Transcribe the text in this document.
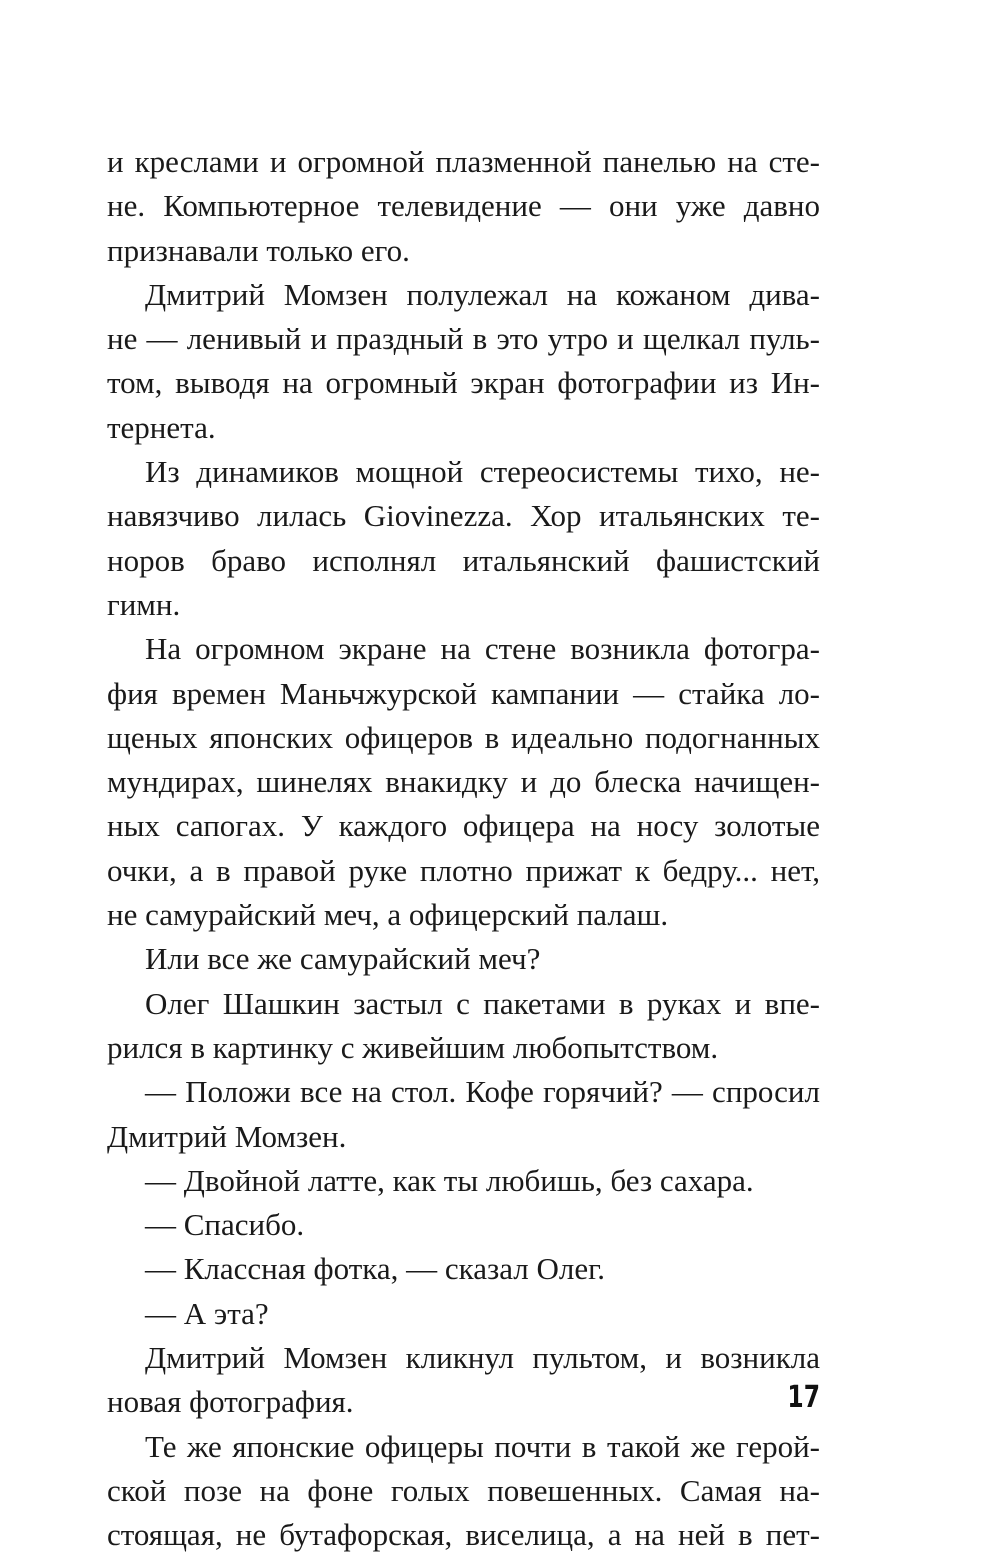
и креслами и огромной плазменной панелью на сте-
не. Компьютерное телевидение — они уже давно
признавали только его.
Дмитрий Момзен полулежал на кожаном дива-
не — ленивый и праздный в это утро и щелкал пуль-
том, выводя на огромный экран фотографии из Ин-
тернета.
Из динамиков мощной стереосистемы тихо, не-
навязчиво лилась Giovinezza. Хор итальянских те-
норов браво исполнял итальянский фашистский
гимн.
На огромном экране на стене возникла фотогра-
фия времен Маньчжурской кампании — стайка ло-
щеных японских офицеров в идеально подогнанных
мундирах, шинелях внакидку и до блеска начищен-
ных сапогах. У каждого офицера на носу золотые
очки, а в правой руке плотно прижат к бедру... нет,
не самурайский меч, а офицерский палаш.
Или все же самурайский меч?
Олег Шашкин застыл с пакетами в руках и впе-
рился в картинку с живейшим любопытством.
— Положи все на стол. Кофе горячий? — спросил
Дмитрий Момзен.
— Двойной латте, как ты любишь, без сахара.
— Спасибо.
— Классная фотка, — сказал Олег.
— А эта?
Дмитрий Момзен кликнул пультом, и возникла
новая фотография.
Те же японские офицеры почти в такой же герой-
ской позе на фоне голых повешенных. Самая на-
стоящая, не бутафорская, виселица, а на ней в пет-
17
